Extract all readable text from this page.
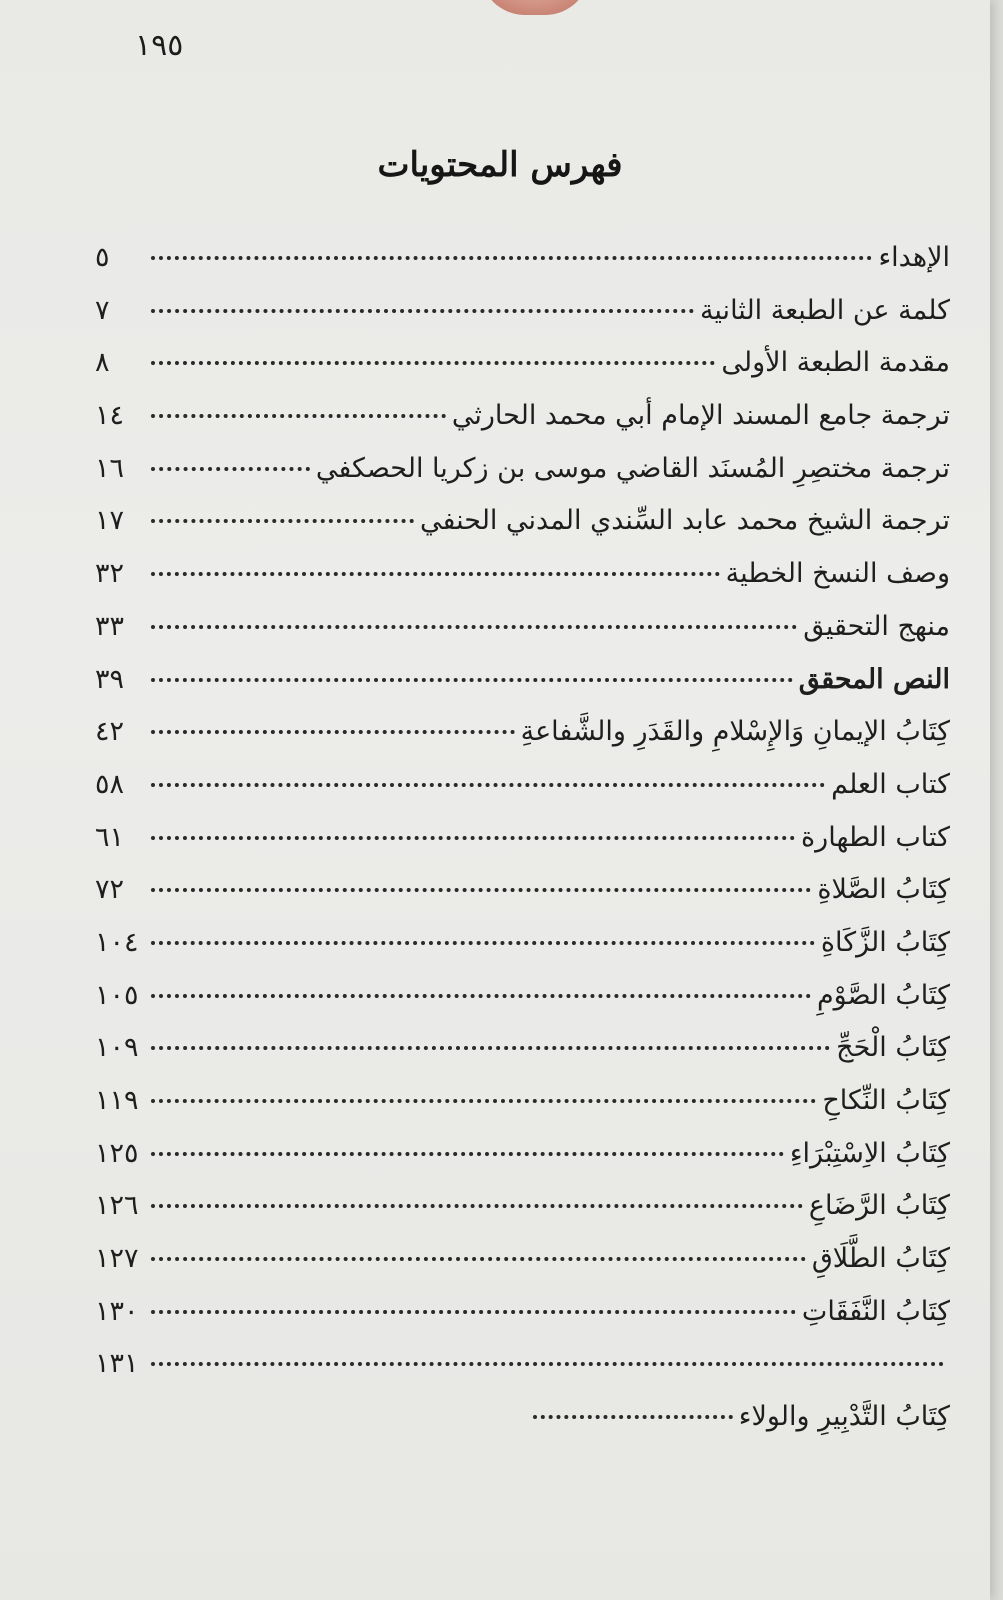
١٩٥
فهرس المحتويات
الإهداء
٥
كلمة عن الطبعة الثانية
٧
مقدمة الطبعة الأولى
٨
ترجمة جامع المسند الإمام أبي محمد الحارثي
١٤
ترجمة مختصِرِ المُسنَد القاضي موسى بن زكريا الحصكفي
١٦
ترجمة الشيخ محمد عابد السِّندي المدني الحنفي
١٧
وصف النسخ الخطية
٣٢
منهج التحقيق
٣٣
النص المحقق
٣٩
كِتَابُ الإيمانِ وَالإِسْلامِ والقَدَرِ والشَّفاعةِ
٤٢
كتاب العلم
٥٨
كتاب الطهارة
٦١
كِتَابُ الصَّلاةِ
٧٢
كِتَابُ الزَّكَاةِ
١٠٤
كِتَابُ الصَّوْمِ
١٠٥
كِتَابُ الْحَجِّ
١٠٩
كِتَابُ النِّكاحِ
١١٩
كِتَابُ الاِسْتِبْرَاءِ
١٢٥
كِتَابُ الرَّضَاعِ
١٢٦
كِتَابُ الطَّلَاقِ
١٢٧
كِتَابُ النَّفَقَاتِ
١٣٠
١٣١
كِتَابُ التَّدْبِيرِ والولاء
